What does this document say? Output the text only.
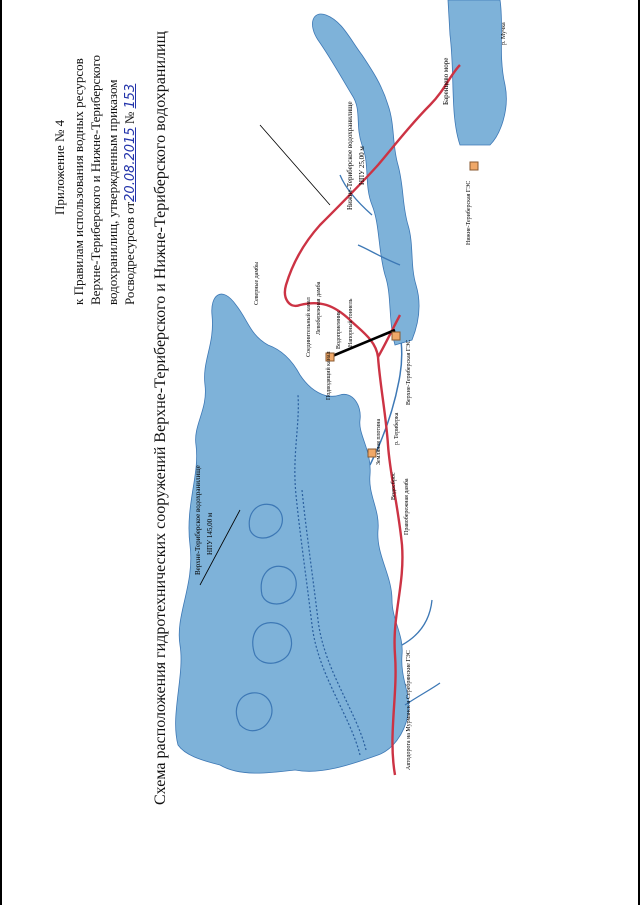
Приложение № 4 к Правилам использования водных ресурсов Верхне-Териберского и Нижне-Териберского водохранилищ, утвержденным приказом Росводресурсов от20.08.2015 № 153 Схема расположения гидротехнических сооружений Верхне-Териберского и Нижне-Териберского водохранилищ	Верхне-Териберское водохранилище НПУ 145,00 м
Нижне-Териберское водохранилище НПУ 25,00 м
Северные дамбы	Левобережная дамба
Соединительный канал	Водоприемник Напорный тоннель
Подводящий канал
Земляная плотина
Верхне-Териберская ГЭС
Водосброс Правобережная дамба
р. Териберка
Баренцево море
р. Мучка
Нижне-Териберская ГЭС
Автодорога на Мурманск и Серебрянские ГЭС
